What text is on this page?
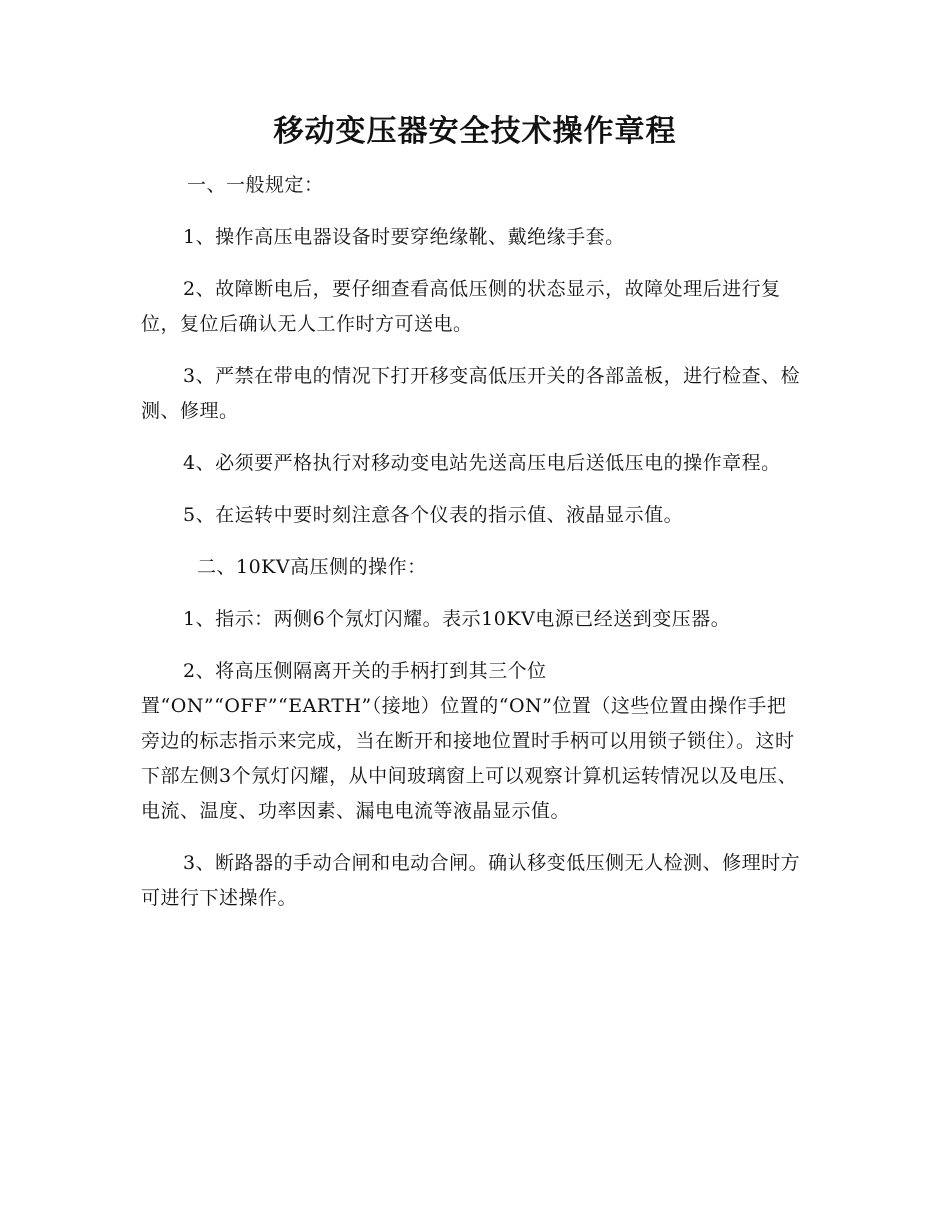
移动变压器安全技术操作章程

一、一般规定：

1、操作高压电器设备时要穿绝缘靴、戴绝缘手套。

2、故障断电后，要仔细查看高低压侧的状态显示，故障处理后进行复位，复位后确认无人工作时方可送电。

3、严禁在带电的情况下打开移变高低压开关的各部盖板，进行检查、检测、修理。

4、必须要严格执行对移动变电站先送高压电后送低压电的操作章程。

5、在运转中要时刻注意各个仪表的指示值、液晶显示值。

二、10KV高压侧的操作：

1、指示：两侧6个氖灯闪耀。表示10KV电源已经送到变压器。

2、将高压侧隔离开关的手柄打到其三个位置“ON”“OFF”“EARTH”（接地）位置的“ON”位置（这些位置由操作手把旁边的标志指示来完成，当在断开和接地位置时手柄可以用锁子锁住）。这时下部左侧3个氖灯闪耀，从中间玻璃窗上可以观察计算机运转情况以及电压、电流、温度、功率因素、漏电电流等液晶显示值。

3、断路器的手动合闸和电动合闸。确认移变低压侧无人检测、修理时方可进行下述操作。
